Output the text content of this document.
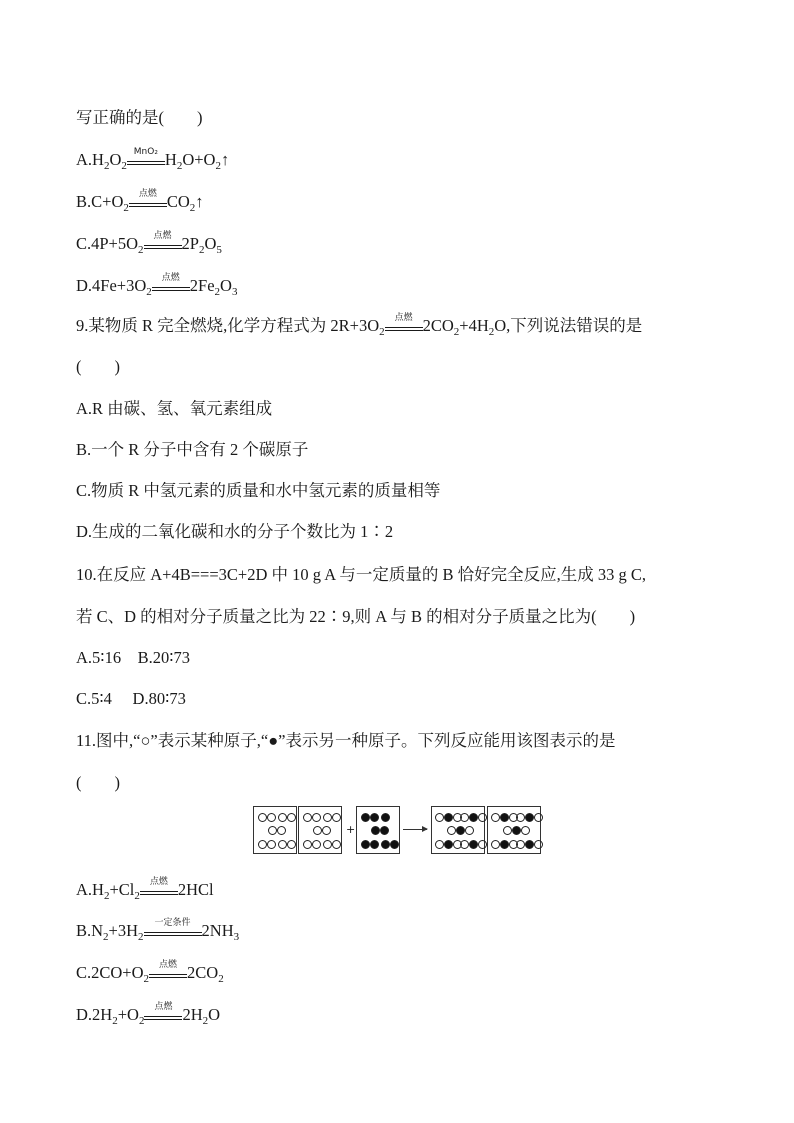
写正确的是(　　)
$A.H_2O_2$
MnO₂ $H_2O+O_2↑$
$B.C+O_2$
点燃 $CO_2↑$
$C.4P+5O_2$
点燃 $2P_2O_5$
$D.4Fe+3O_2$
点燃 $2Fe_2O_3$
9.某物质 R 完全燃烧,化学方程式为 $2R+3O_2$
点燃 $2CO_2+4H_2O$,下列说法错误的是
(　　)
A.R 由碳、氢、氧元素组成
B.一个 R 分子中含有 2 个碳原子
C.物质 R 中氢元素的质量和水中氢元素的质量相等
D.生成的二氧化碳和水的分子个数比为 1∶2
10.在反应 A+4B===3C+2D 中 10 g A 与一定质量的 B 恰好完全反应,生成 33 g C,
若 C、D 的相对分子质量之比为 22∶9,则 A 与 B 的相对分子质量之比为(　　)
A.5∶16　B.20∶73
C.5∶4　 D.80∶73
11.图中,“○”表示某种原子,“●”表示另一种原子。下列反应能用该图表示的是
(　　)
+
$A.H_2+Cl_2$
点燃 2HCl
$B.N_2+3H_2$
一定条件 $2NH_3$
$C.2CO+O_2$
点燃 $2CO_2$
$D.2H_2+O_2$
点燃 $2H_2O$
